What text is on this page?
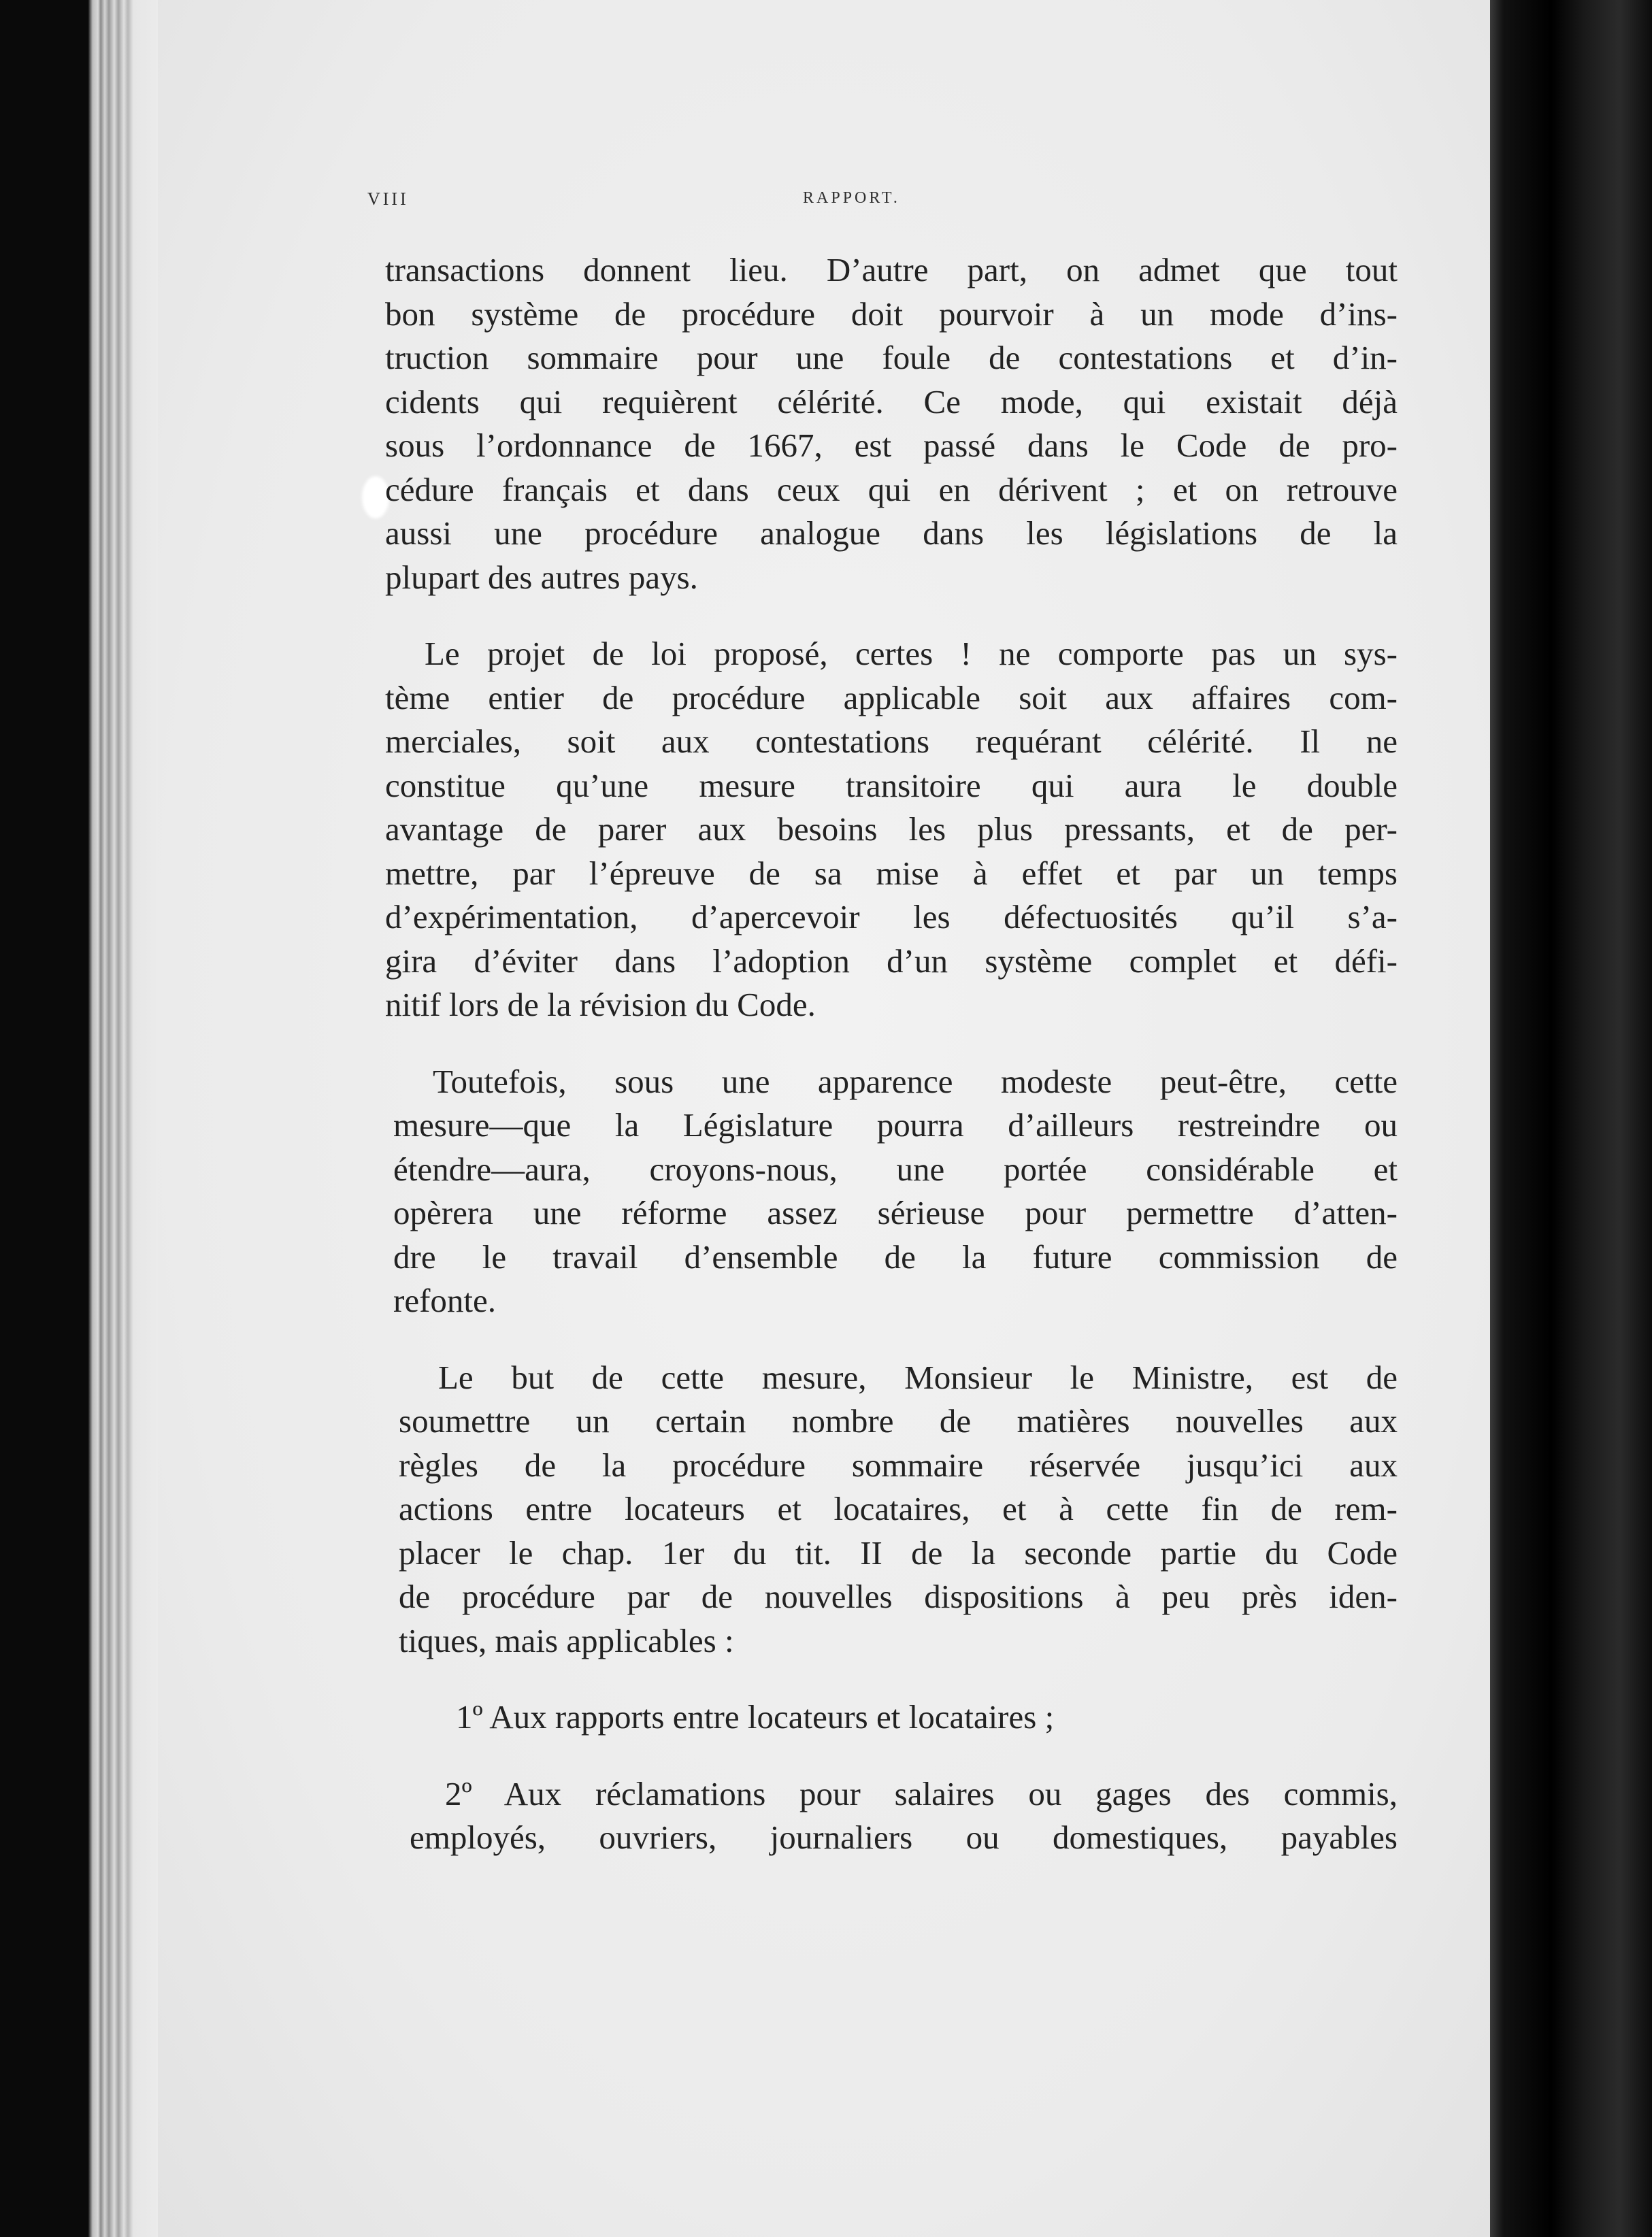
VIII	RAPPORT.
transactions donnent lieu. D’autre part, on admet que tout
bon système de procédure doit pourvoir à un mode d’ins-
truction sommaire pour une foule de contestations et d’in-
cidents qui requièrent célérité. Ce mode, qui existait déjà
sous l’ordonnance de 1667, est passé dans le Code de pro-
cédure français et dans ceux qui en dérivent ; et on retrouve
aussi une procédure analogue dans les législations de la
plupart des autres pays.
Le projet de loi proposé, certes ! ne comporte pas un sys-
tème entier de procédure applicable soit aux affaires com-
merciales, soit aux contestations requérant célérité. Il ne
constitue qu’une mesure transitoire qui aura le double
avantage de parer aux besoins les plus pressants, et de per-
mettre, par l’épreuve de sa mise à effet et par un temps
d’expérimentation, d’apercevoir les défectuosités qu’il s’a-
gira d’éviter dans l’adoption d’un système complet et défi-
nitif lors de la révision du Code.
Toutefois, sous une apparence modeste peut-être, cette
mesure—que la Législature pourra d’ailleurs restreindre ou
étendre—aura, croyons-nous, une portée considérable et
opèrera une réforme assez sérieuse pour permettre d’atten-
dre le travail d’ensemble de la future commission de
refonte.
Le but de cette mesure, Monsieur le Ministre, est de
soumettre un certain nombre de matières nouvelles aux
règles de la procédure sommaire réservée jusqu’ici aux
actions entre locateurs et locataires, et à cette fin de rem-
placer le chap. 1er du tit. II de la seconde partie du Code
de procédure par de nouvelles dispositions à peu près iden-
tiques, mais applicables :
1º Aux rapports entre locateurs et locataires ;
2º Aux réclamations pour salaires ou gages des commis,
employés, ouvriers, journaliers ou domestiques, payables
